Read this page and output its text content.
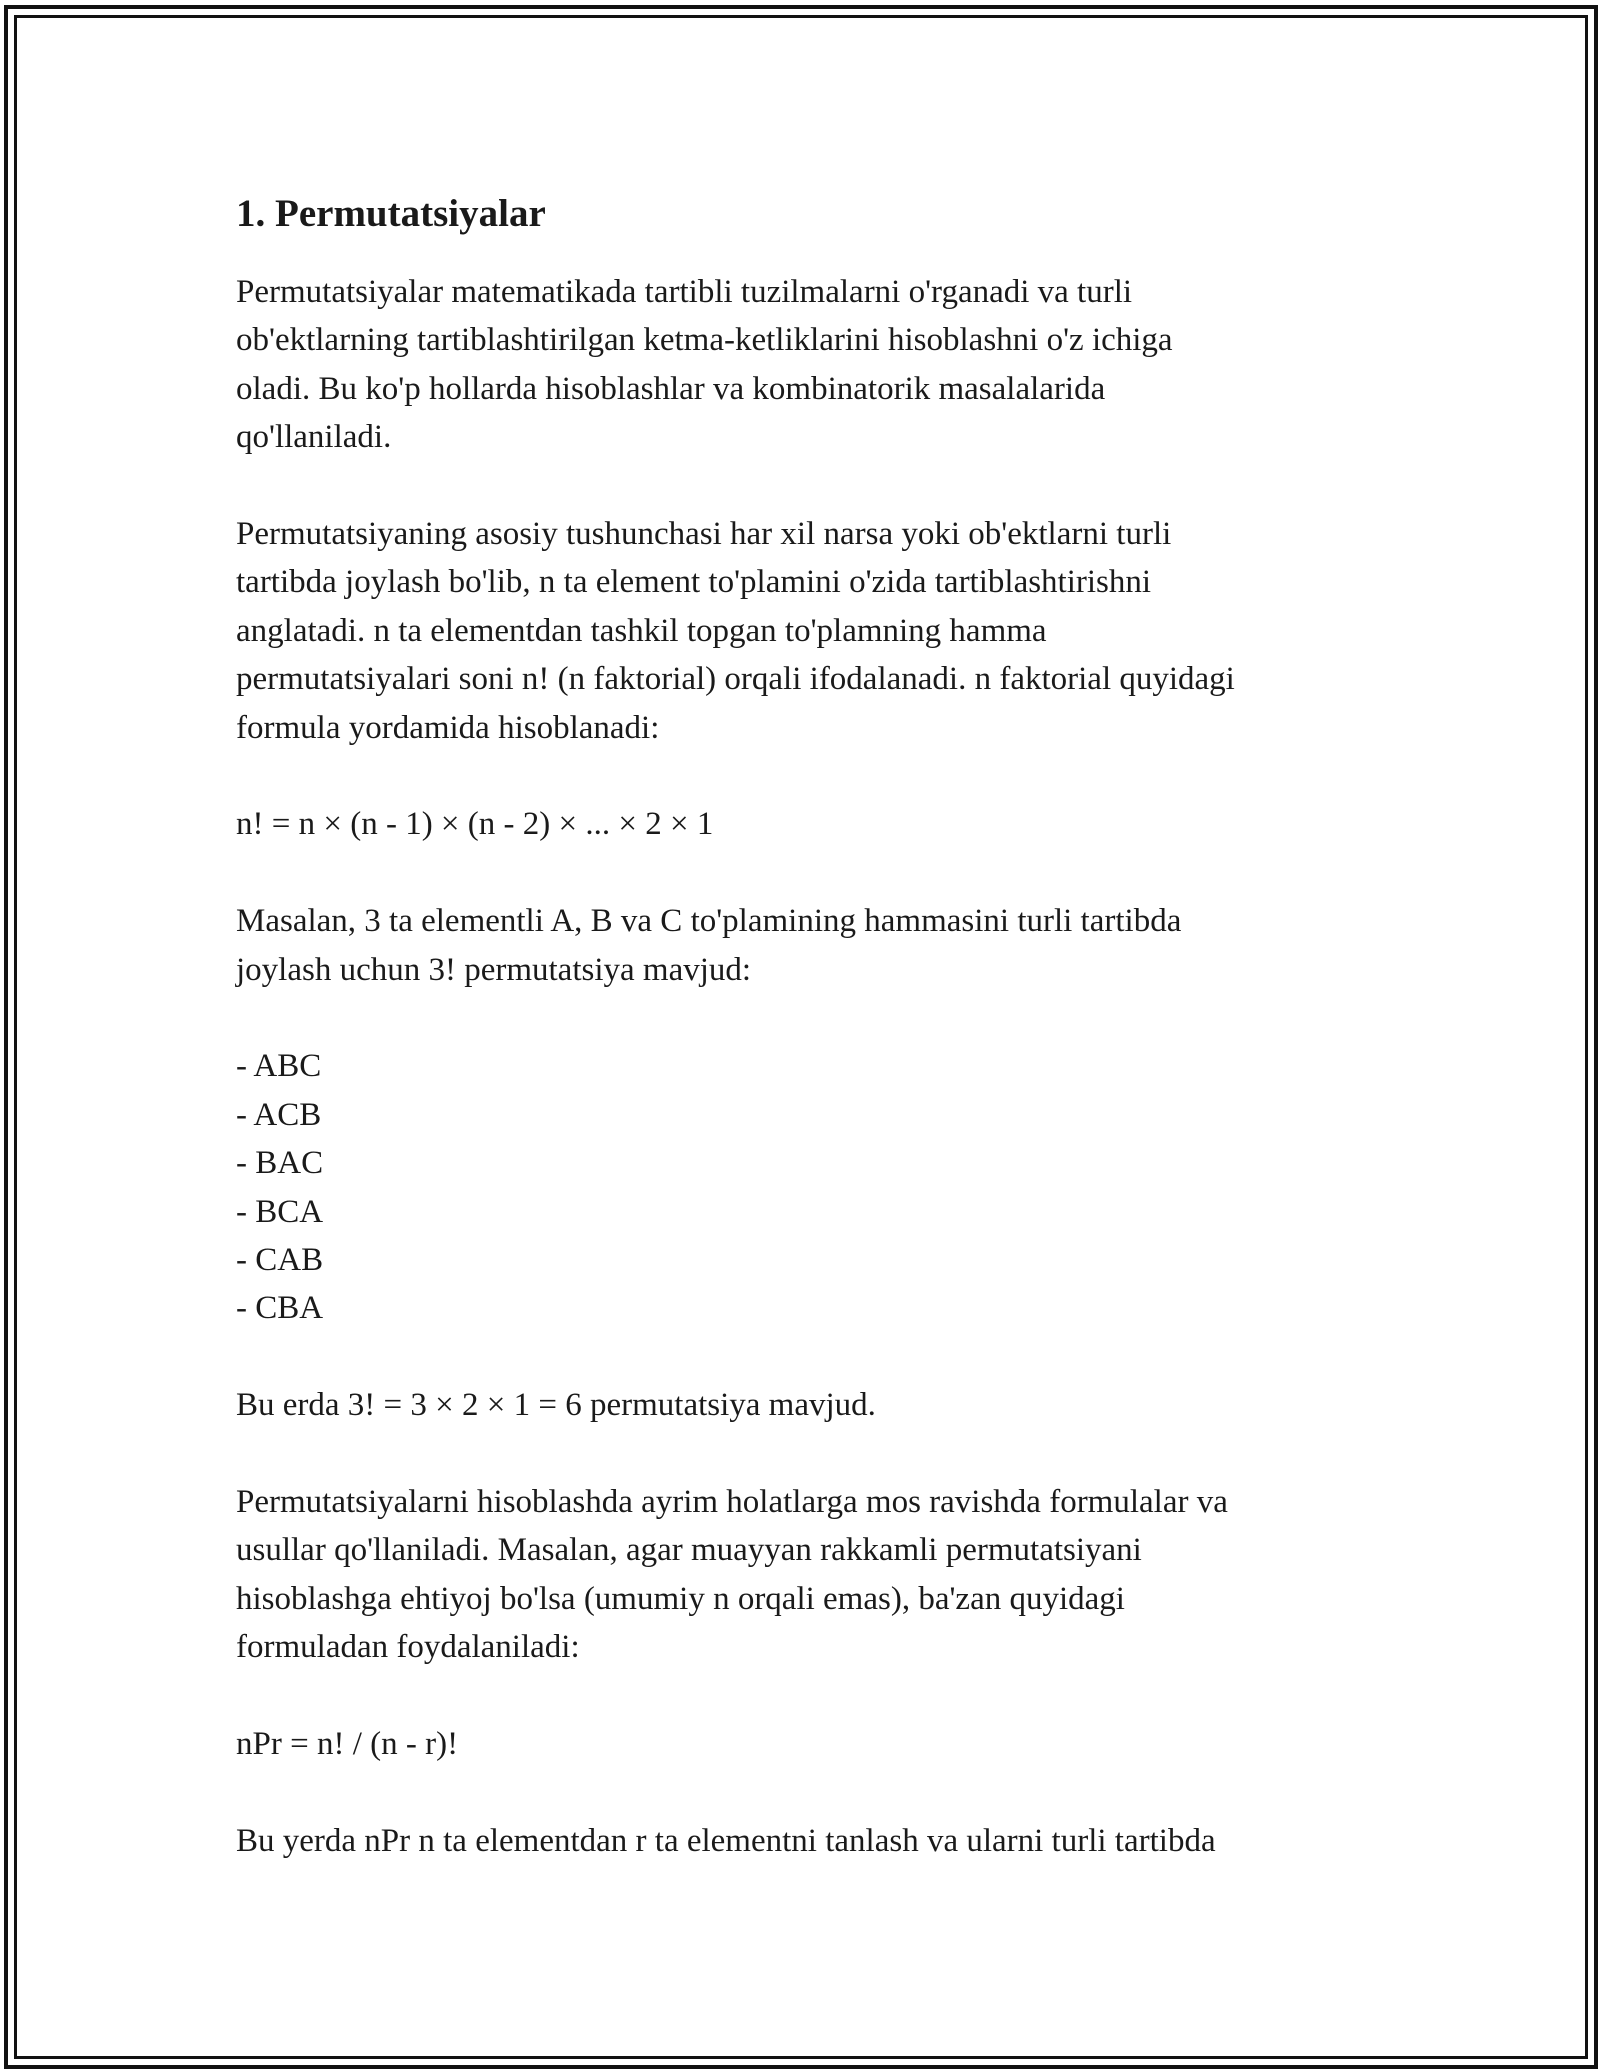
1. Permutatsiyalar

Permutatsiyalar matematikada tartibli tuzilmalarni o'rganadi va turli
ob'ektlarning tartiblashtirilgan ketma-ketliklarini hisoblashni o'z ichiga
oladi. Bu ko'p hollarda hisoblashlar va kombinatorik masalalarida
qo'llaniladi.

Permutatsiyaning asosiy tushunchasi har xil narsa yoki ob'ektlarni turli
tartibda joylash bo'lib, n ta element to'plamini o'zida tartiblashtirishni
anglatadi. n ta elementdan tashkil topgan to'plamning hamma
permutatsiyalari soni n! (n faktorial) orqali ifodalanadi. n faktorial quyidagi
formula yordamida hisoblanadi:

n! = n × (n - 1) × (n - 2) × ... × 2 × 1

Masalan, 3 ta elementli A, B va C to'plamining hammasini turli tartibda
joylash uchun 3! permutatsiya mavjud:

- ABC
- ACB
- BAC
- BCA
- CAB
- CBA

Bu erda 3! = 3 × 2 × 1 = 6 permutatsiya mavjud.

Permutatsiyalarni hisoblashda ayrim holatlarga mos ravishda formulalar va
usullar qo'llaniladi. Masalan, agar muayyan rakkamli permutatsiyani
hisoblashga ehtiyoj bo'lsa (umumiy n orqali emas), ba'zan quyidagi
formuladan foydalaniladi:

nPr = n! / (n - r)!

Bu yerda nPr n ta elementdan r ta elementni tanlash va ularni turli tartibda
